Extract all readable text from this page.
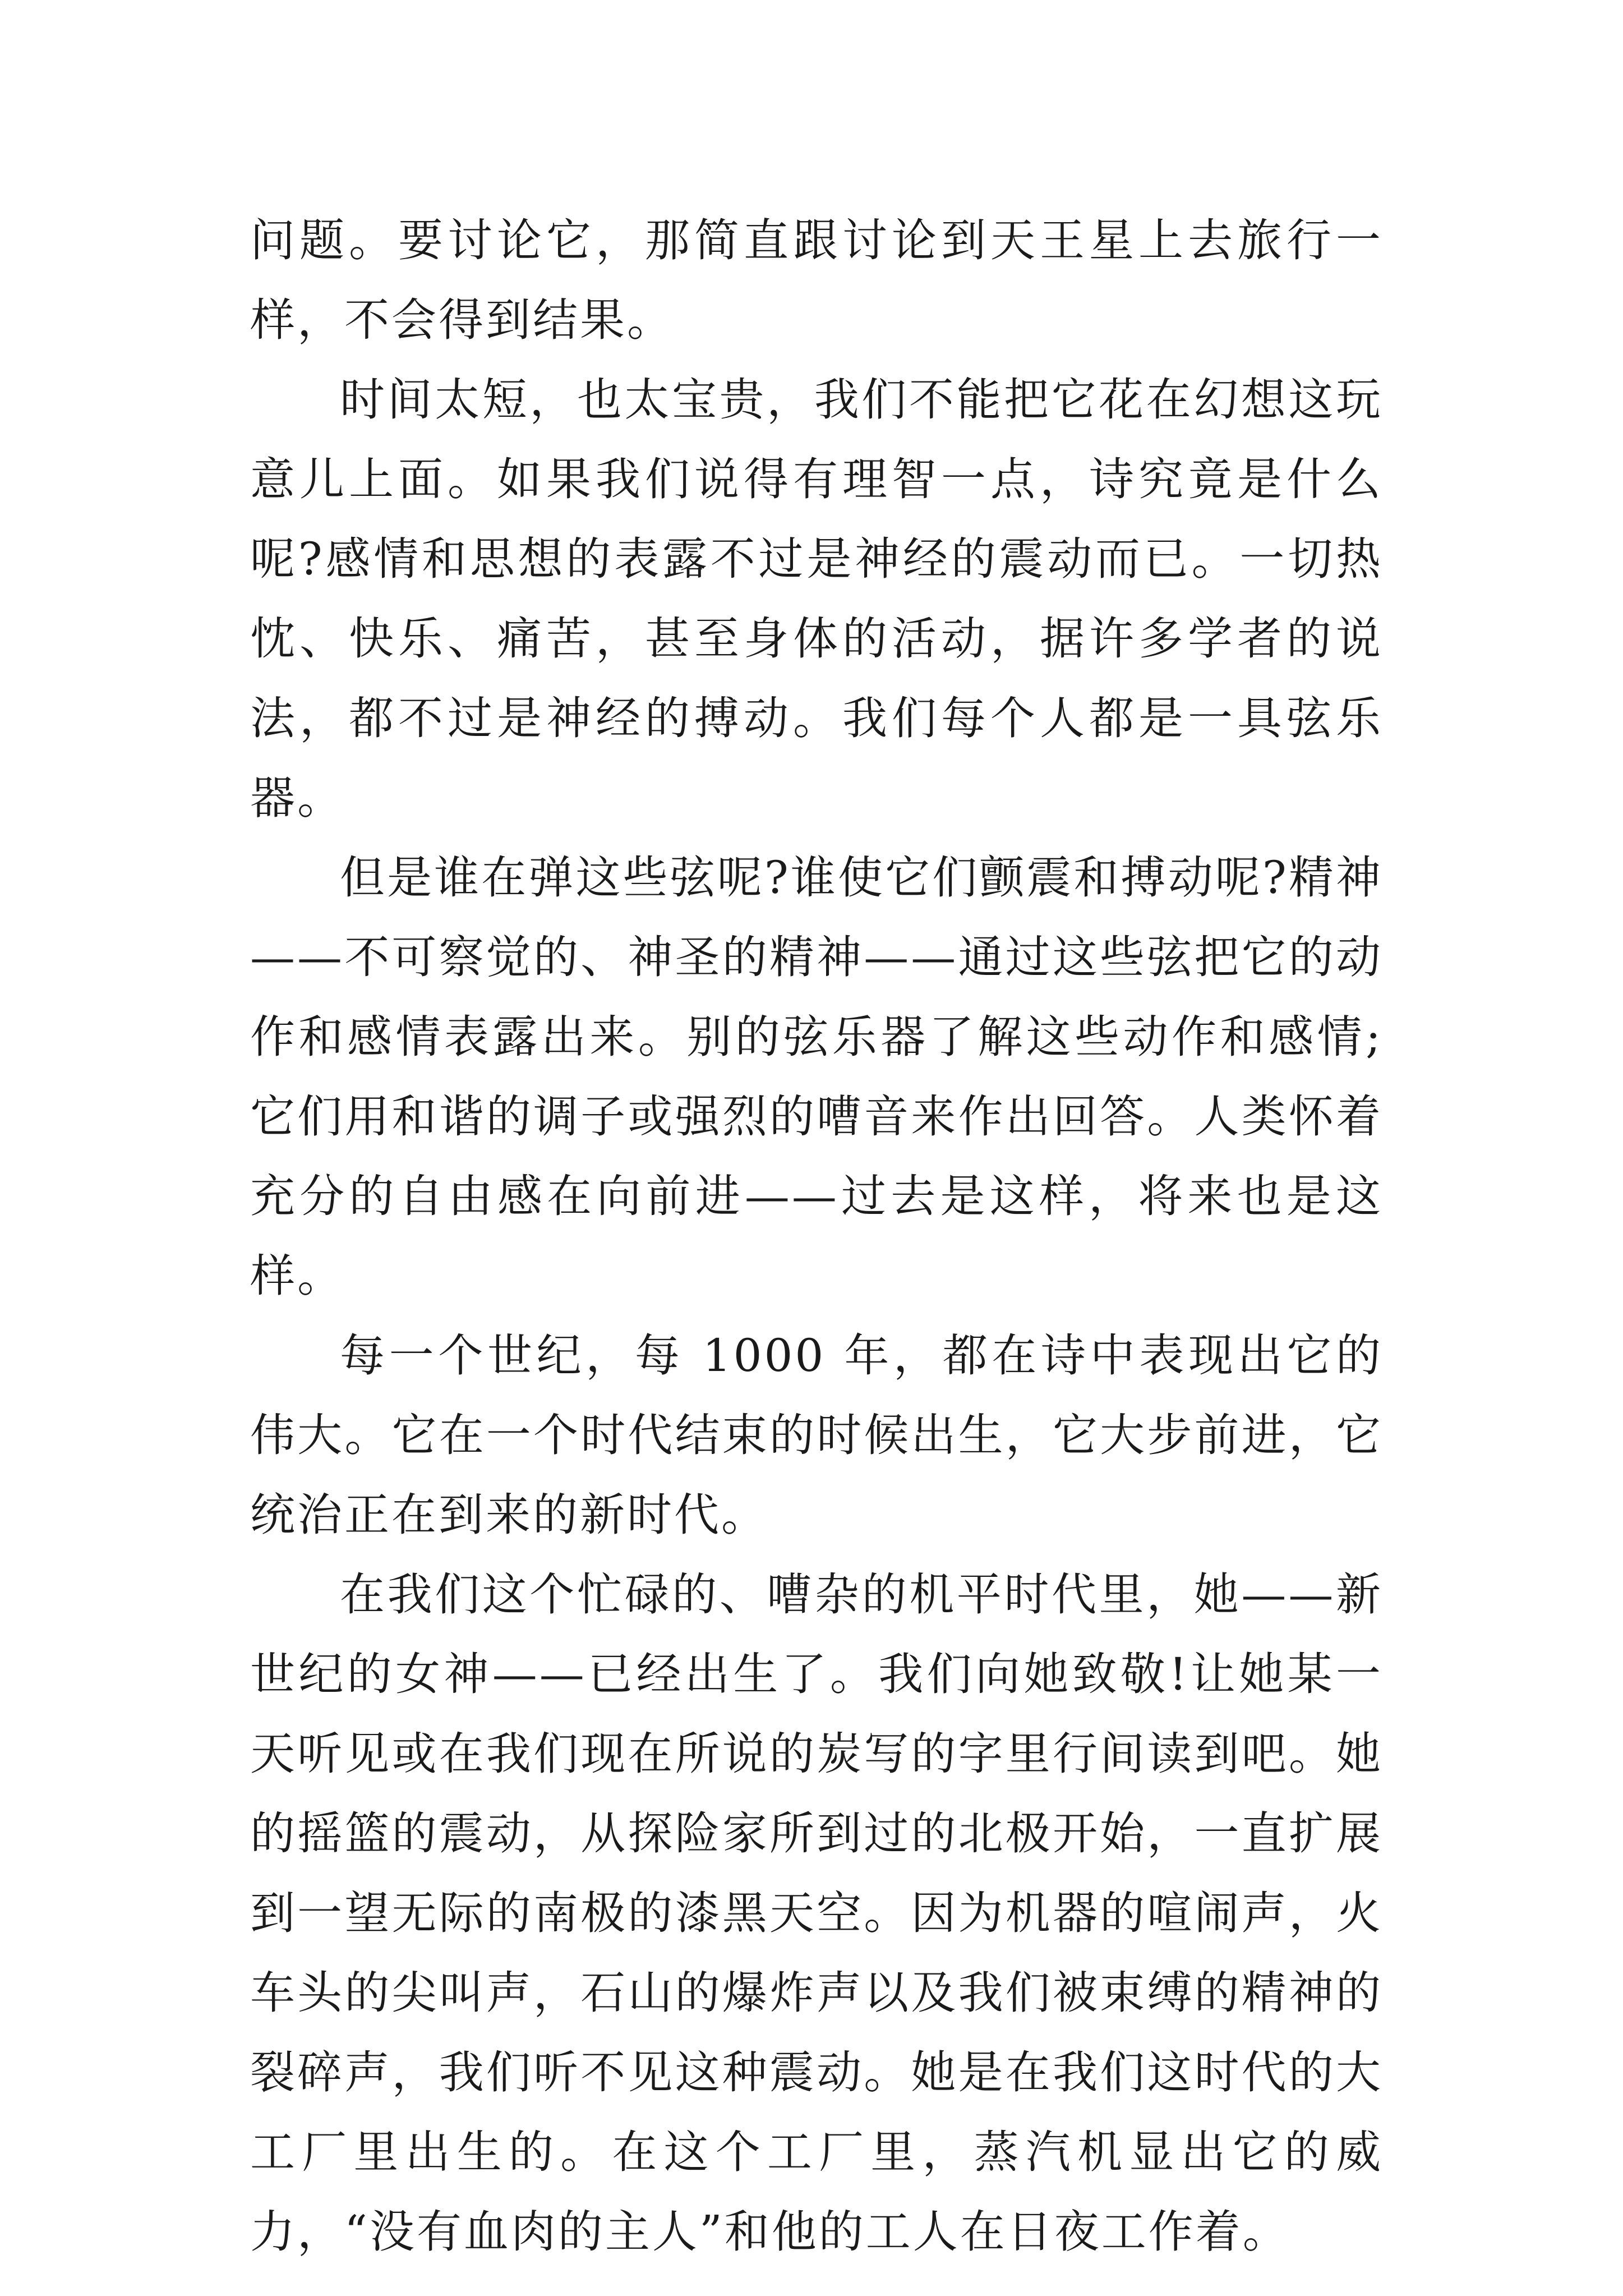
问题。要讨论它，那简直跟讨论到天王星上去旅行一样，不会得到结果。

时间太短，也太宝贵，我们不能把它花在幻想这玩意儿上面。如果我们说得有理智一点，诗究竟是什么呢?感情和思想的表露不过是神经的震动而已。一切热忱、快乐、痛苦，甚至身体的活动，据许多学者的说法，都不过是神经的搏动。我们每个人都是一具弦乐器。

但是谁在弹这些弦呢?谁使它们颤震和搏动呢?精神——不可察觉的、神圣的精神——通过这些弦把它的动作和感情表露出来。别的弦乐器了解这些动作和感情;它们用和谐的调子或强烈的嘈音来作出回答。人类怀着充分的自由感在向前进——过去是这样，将来也是这样。

每一个世纪，每 1000 年，都在诗中表现出它的伟大。它在一个时代结束的时候出生，它大步前进，它统治正在到来的新时代。

在我们这个忙碌的、嘈杂的机平时代里，她——新世纪的女神——已经出生了。我们向她致敬!让她某一天听见或在我们现在所说的炭写的字里行间读到吧。她的摇篮的震动，从探险家所到过的北极开始，一直扩展到一望无际的南极的漆黑天空。因为机器的喧闹声，火车头的尖叫声，石山的爆炸声以及我们被束缚的精神的裂碎声，我们听不见这种震动。她是在我们这时代的大工厂里出生的。在这个工厂里，蒸汽机显出它的威力，“没有血肉的主人”和他的工人在日夜工作着。
